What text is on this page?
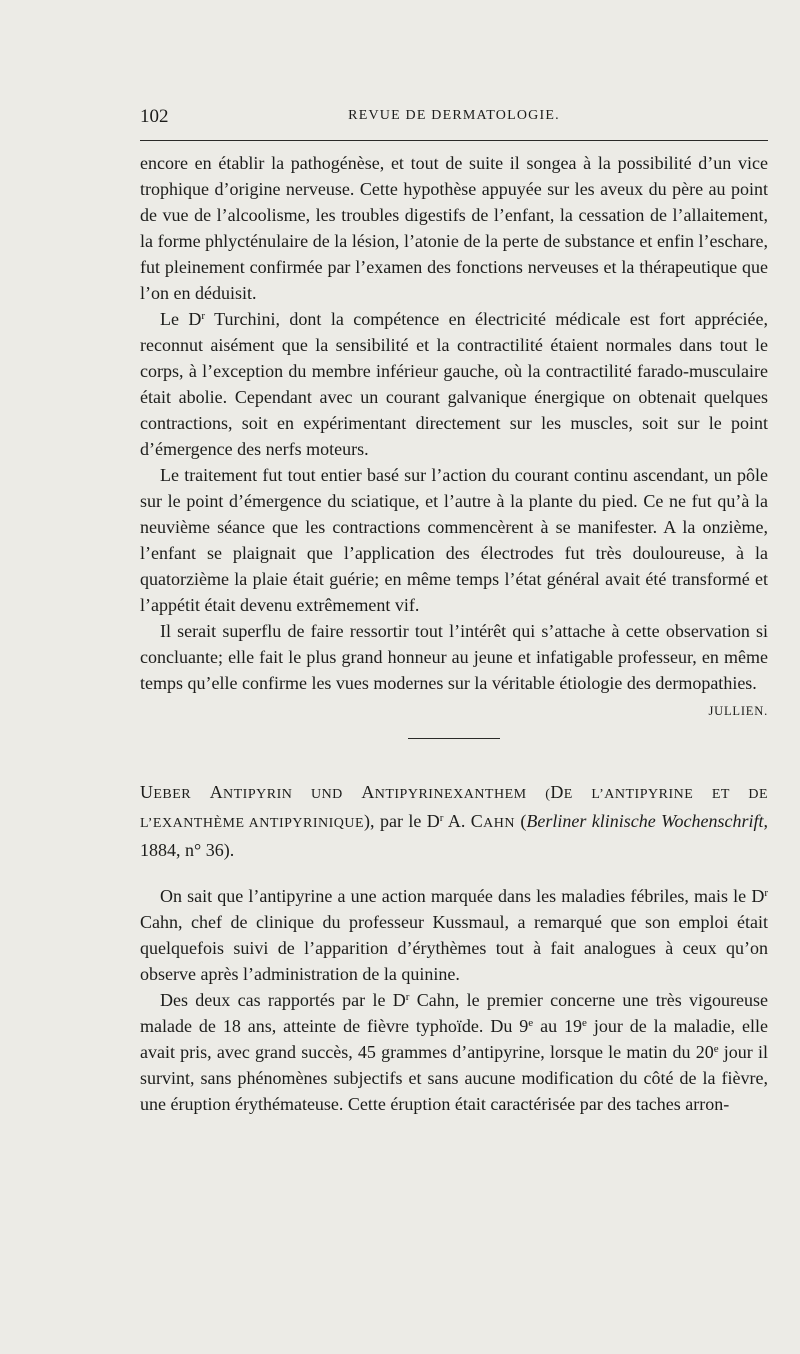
102	REVUE DE DERMATOLOGIE.

encore en établir la pathogénèse, et tout de suite il songea à la possibilité d’un vice trophique d’origine nerveuse. Cette hypothèse appuyée sur les aveux du père au point de vue de l’alcoolisme, les troubles digestifs de l’enfant, la cessation de l’allaitement, la forme phlycténulaire de la lésion, l’atonie de la perte de substance et enfin l’eschare, fut pleinement confirmée par l’examen des fonctions nerveuses et la thérapeutique que l’on en déduisit.

Le $D^r$ Turchini, dont la compétence en électricité médicale est fort appréciée, reconnut aisément que la sensibilité et la contractilité étaient normales dans tout le corps, à l’exception du membre inférieur gauche, où la contractilité farado-musculaire était abolie. Cependant avec un courant galvanique énergique on obtenait quelques contractions, soit en expérimentant directement sur les muscles, soit sur le point d’émergence des nerfs moteurs.

Le traitement fut tout entier basé sur l’action du courant continu ascendant, un pôle sur le point d’émergence du sciatique, et l’autre à la plante du pied. Ce ne fut qu’à la neuvième séance que les contractions commencèrent à se manifester. A la onzième, l’enfant se plaignait que l’application des électrodes fut très douloureuse, à la quatorzième la plaie était guérie; en même temps l’état général avait été transformé et l’appétit était devenu extrêmement vif.

Il serait superflu de faire ressortir tout l’intérêt qui s’attache à cette observation si concluante; elle fait le plus grand honneur au jeune et infatigable professeur, en même temps qu’elle confirme les vues modernes sur la véritable étiologie des dermopathies.
JULLIEN.

UEBER ANTIPYRIN UND ANTIPYRINEXANTHEM (DE L’ANTIPYRINE ET DE L’EXANTHÈME ANTIPYRINIQUE), par le $D^r$ A. CAHN (Berliner klinische Wochenschrift, 1884, n° 36).

On sait que l’antipyrine a une action marquée dans les maladies fébriles, mais le $D^r$ Cahn, chef de clinique du professeur Kussmaul, a remarqué que son emploi était quelquefois suivi de l’apparition d’érythèmes tout à fait analogues à ceux qu’on observe après l’administration de la quinine.

Des deux cas rapportés par le $D^r$ Cahn, le premier concerne une très vigoureuse malade de 18 ans, atteinte de fièvre typhoïde. Du 9e au 19e jour de la maladie, elle avait pris, avec grand succès, 45 grammes d’antipyrine, lorsque le matin du 20e jour il survint, sans phénomènes subjectifs et sans aucune modification du côté de la fièvre, une éruption érythémateuse. Cette éruption était caractérisée par des taches arron-
